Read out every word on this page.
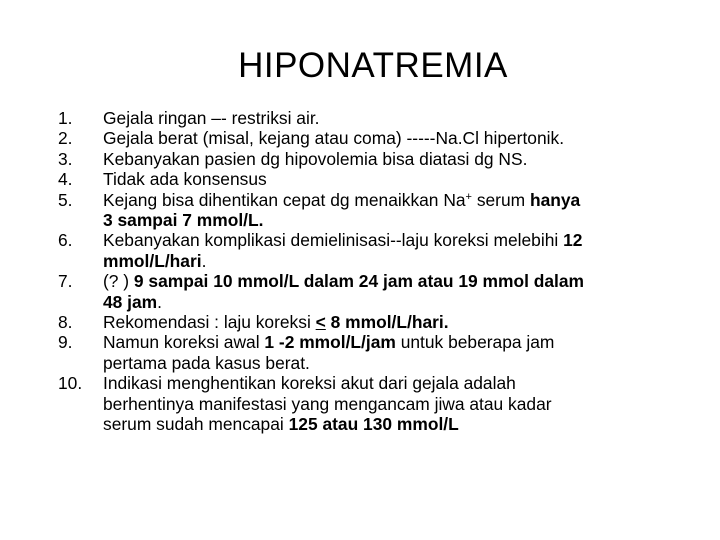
HIPONATREMIA
1.	Gejala ringan –- restriksi air.
2.	Gejala berat (misal, kejang atau coma) -----Na.Cl hipertonik.
3.	Kebanyakan pasien dg hipovolemia bisa diatasi dg NS.
4.	Tidak ada konsensus
5.	Kejang bisa dihentikan cepat dg menaikkan Na+ serum hanya
3 sampai 7 mmol/L.
6.	Kebanyakan komplikasi demielinisasi--laju koreksi melebihi 12
mmol/L/hari.
7.	(? ) 9 sampai 10 mmol/L dalam 24 jam atau 19 mmol dalam
48 jam.
8.	Rekomendasi : laju koreksi < 8 mmol/L/hari.
9.	Namun koreksi awal 1 -2 mmol/L/jam untuk beberapa jam
pertama pada kasus berat.
10.	Indikasi menghentikan koreksi akut dari gejala adalah
berhentinya manifestasi yang mengancam jiwa atau kadar
serum sudah mencapai 125 atau 130 mmol/L
